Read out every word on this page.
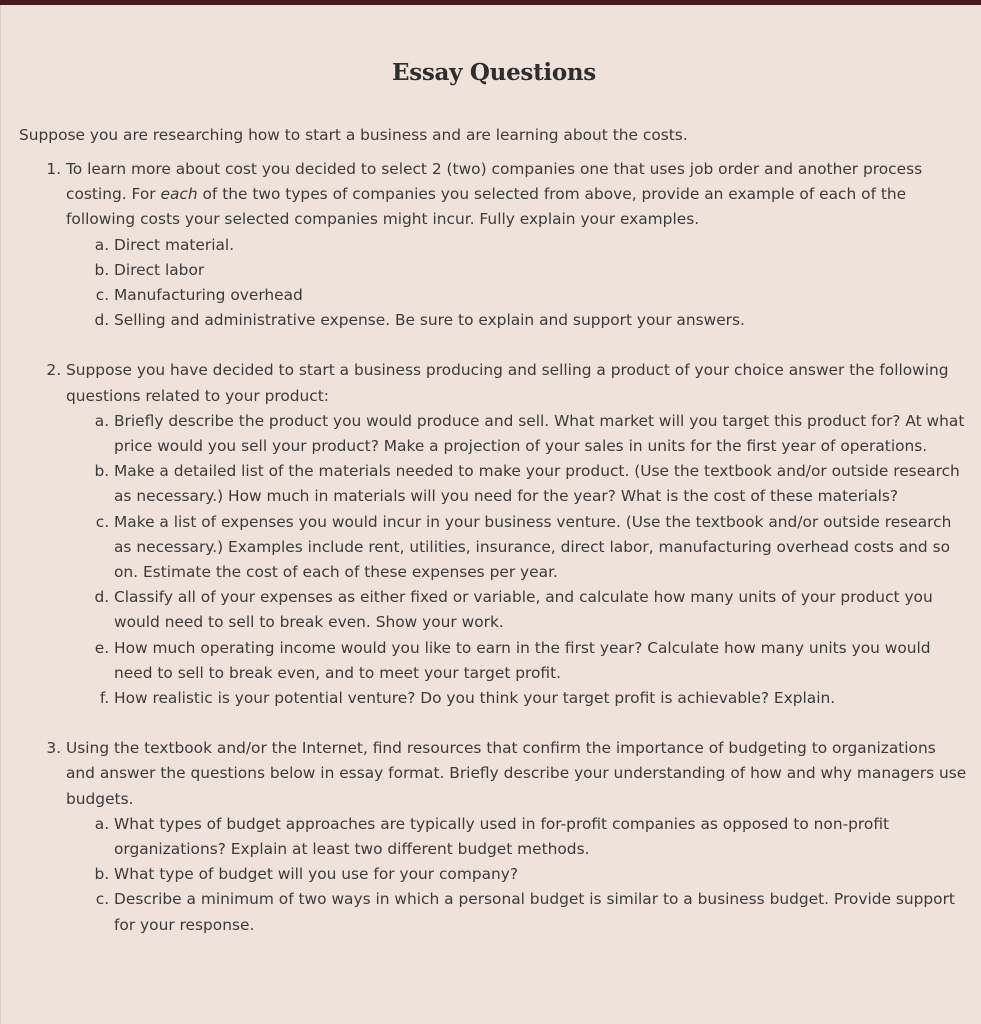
Essay Questions

Suppose you are researching how to start a business and are learning about the costs.

1. To learn more about cost you decided to select 2 (two) companies one that uses job order and another process costing. For each of the two types of companies you selected from above, provide an example of each of the following costs your selected companies might incur. Fully explain your examples.
a. Direct material.
b. Direct labor
c. Manufacturing overhead
d. Selling and administrative expense. Be sure to explain and support your answers.
2. Suppose you have decided to start a business producing and selling a product of your choice answer the following questions related to your product:
a. Briefly describe the product you would produce and sell. What market will you target this product for? At what price would you sell your product? Make a projection of your sales in units for the first year of operations.
b. Make a detailed list of the materials needed to make your product. (Use the textbook and/or outside research as necessary.) How much in materials will you need for the year? What is the cost of these materials?
c. Make a list of expenses you would incur in your business venture. (Use the textbook and/or outside research as necessary.) Examples include rent, utilities, insurance, direct labor, manufacturing overhead costs and so on. Estimate the cost of each of these expenses per year.
d. Classify all of your expenses as either fixed or variable, and calculate how many units of your product you would need to sell to break even. Show your work.
e. How much operating income would you like to earn in the first year? Calculate how many units you would need to sell to break even, and to meet your target profit.
f. How realistic is your potential venture? Do you think your target profit is achievable? Explain.
3. Using the textbook and/or the Internet, find resources that confirm the importance of budgeting to organizations and answer the questions below in essay format. Briefly describe your understanding of how and why managers use budgets.
a. What types of budget approaches are typically used in for-profit companies as opposed to non-profit organizations? Explain at least two different budget methods.
b. What type of budget will you use for your company?
c. Describe a minimum of two ways in which a personal budget is similar to a business budget. Provide support for your response.
